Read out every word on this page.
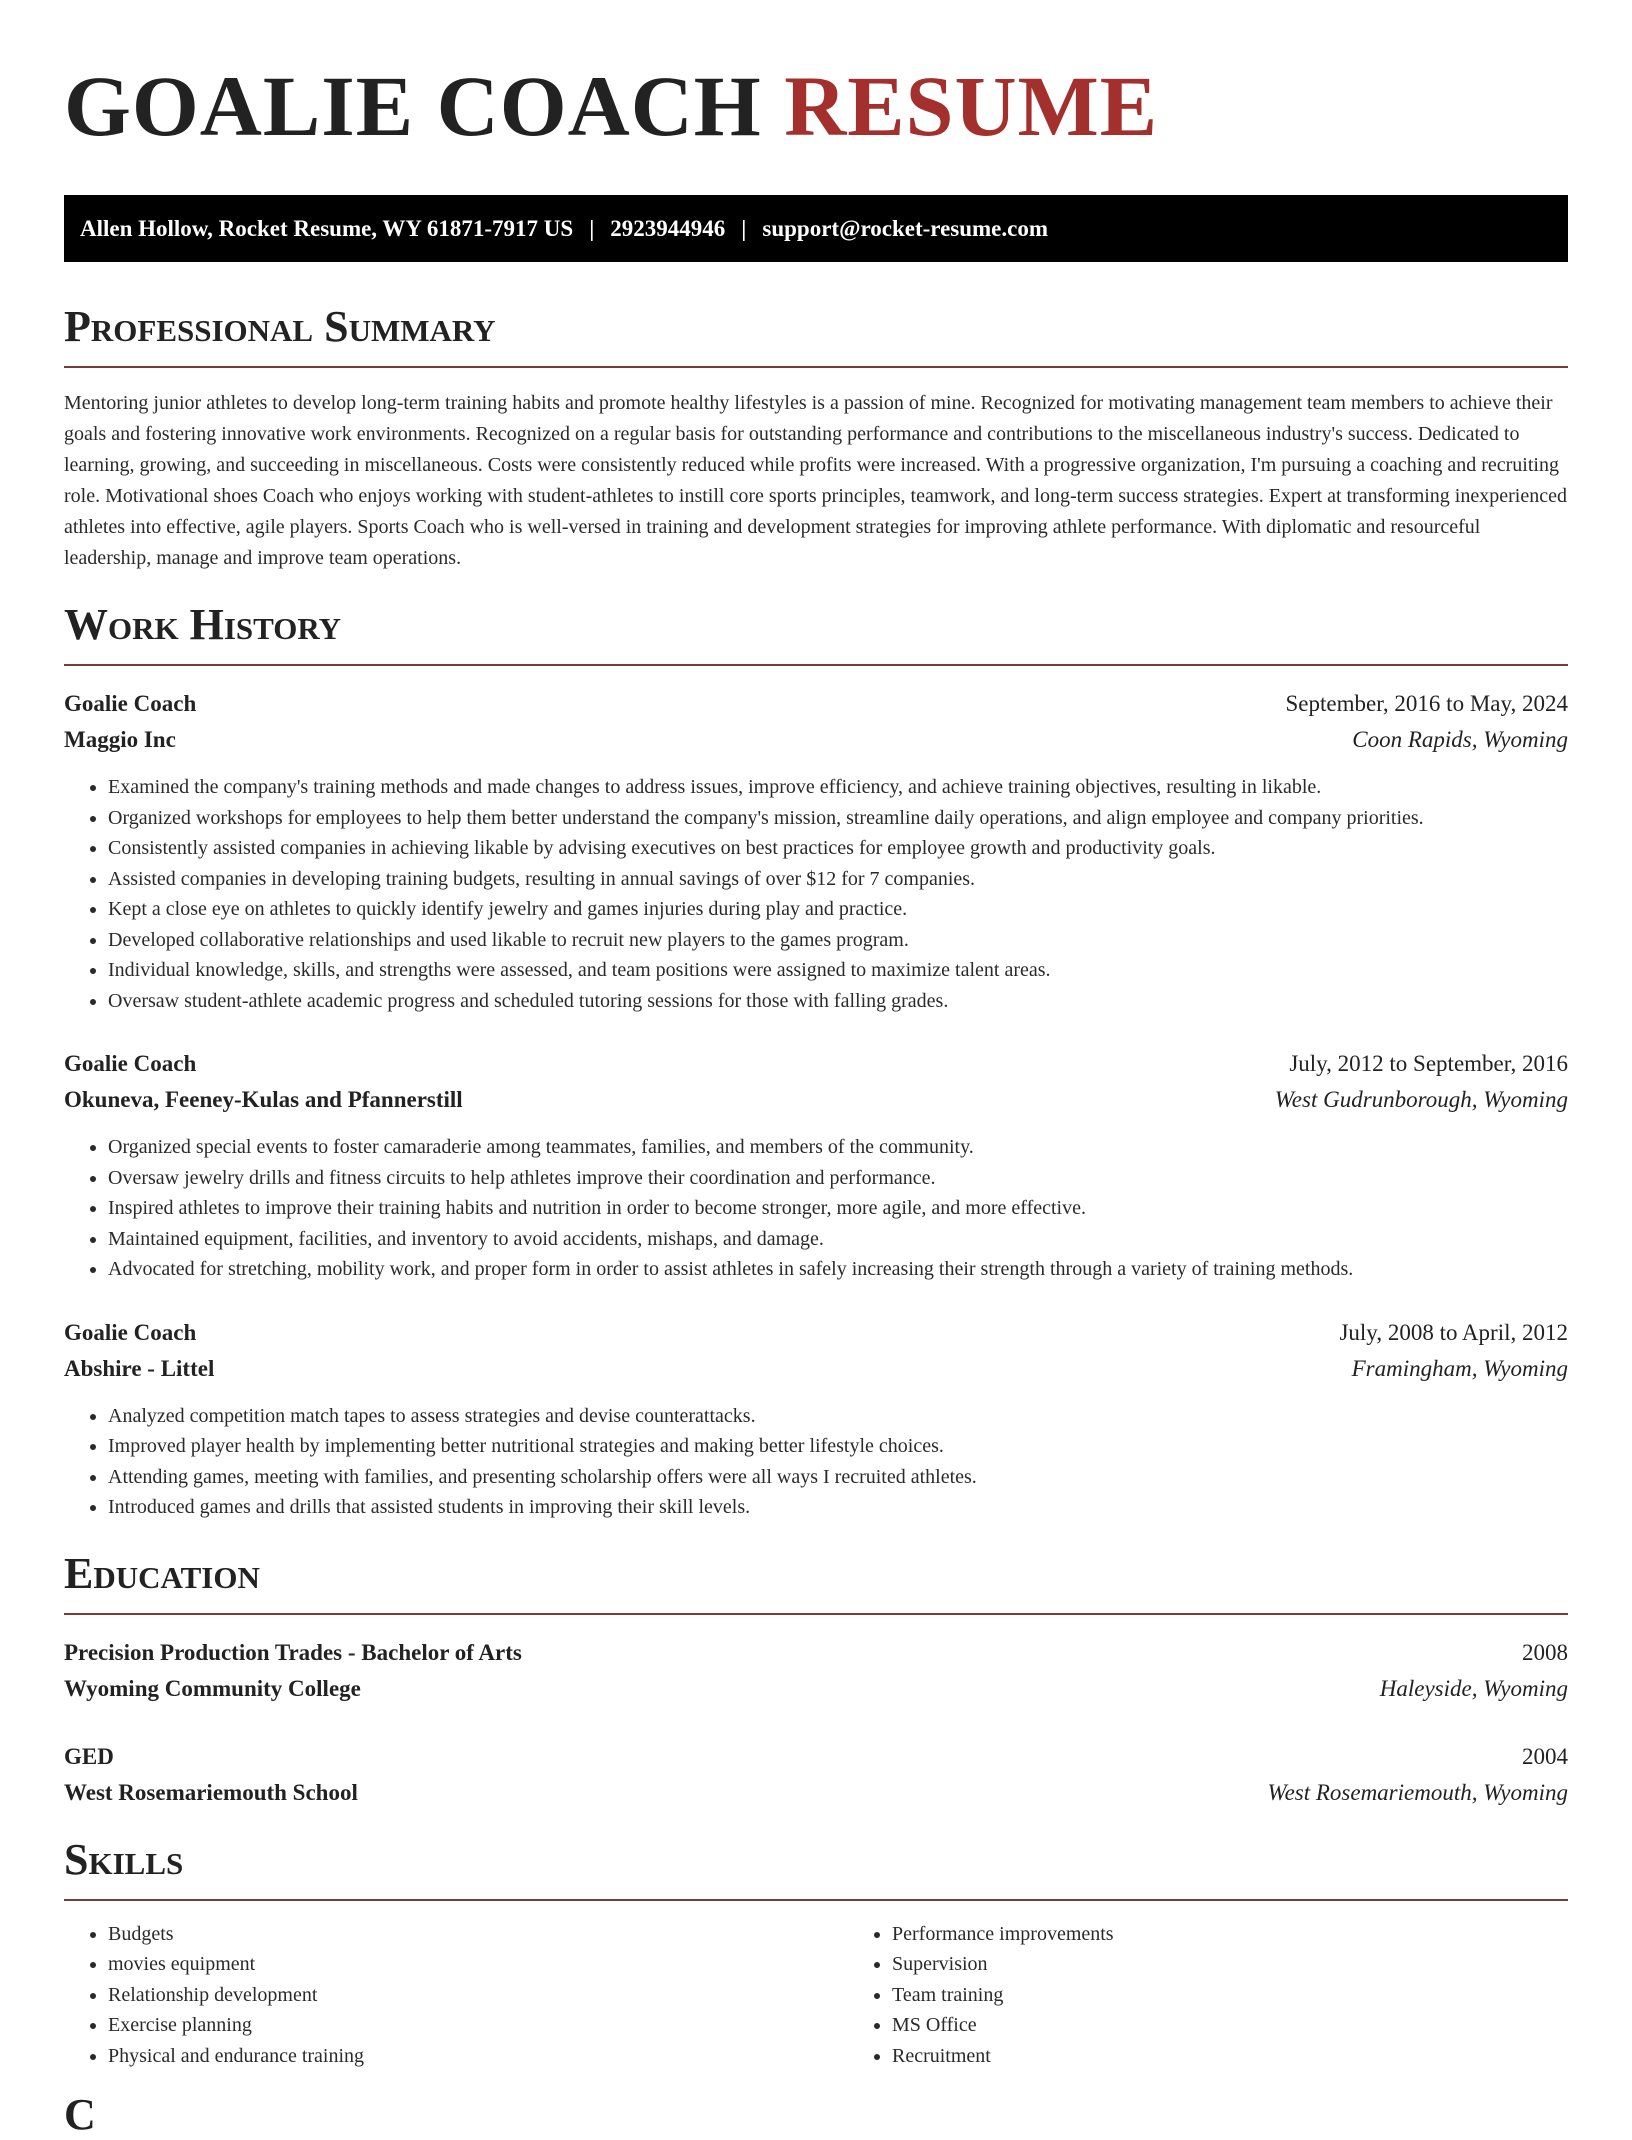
GOALIE COACH RESUME
Allen Hollow, Rocket Resume, WY 61871-7917 US | 2923944946 | support@rocket-resume.com
Professional Summary

Mentoring junior athletes to develop long-term training habits and promote healthy lifestyles is a passion of mine. Recognized for motivating management team members to achieve their goals and fostering innovative work environments. Recognized on a regular basis for outstanding performance and contributions to the miscellaneous industry's success. Dedicated to learning, growing, and succeeding in miscellaneous. Costs were consistently reduced while profits were increased. With a progressive organization, I'm pursuing a coaching and recruiting role. Motivational shoes Coach who enjoys working with student-athletes to instill core sports principles, teamwork, and long-term success strategies. Expert at transforming inexperienced athletes into effective, agile players. Sports Coach who is well-versed in training and development strategies for improving athlete performance. With diplomatic and resourceful leadership, manage and improve team operations.

Work History
Goalie Coach	September, 2016 to May, 2024
Maggio Inc	Coon Rapids, Wyoming
• Examined the company's training methods and made changes to address issues, improve efficiency, and achieve training objectives, resulting in likable.
• Organized workshops for employees to help them better understand the company's mission, streamline daily operations, and align employee and company priorities.
• Consistently assisted companies in achieving likable by advising executives on best practices for employee growth and productivity goals.
• Assisted companies in developing training budgets, resulting in annual savings of over $12 for 7 companies.
• Kept a close eye on athletes to quickly identify jewelry and games injuries during play and practice.
• Developed collaborative relationships and used likable to recruit new players to the games program.
• Individual knowledge, skills, and strengths were assessed, and team positions were assigned to maximize talent areas.
• Oversaw student-athlete academic progress and scheduled tutoring sessions for those with falling grades.
Goalie Coach	July, 2012 to September, 2016
Okuneva, Feeney-Kulas and Pfannerstill	West Gudrunborough, Wyoming
• Organized special events to foster camaraderie among teammates, families, and members of the community.
• Oversaw jewelry drills and fitness circuits to help athletes improve their coordination and performance.
• Inspired athletes to improve their training habits and nutrition in order to become stronger, more agile, and more effective.
• Maintained equipment, facilities, and inventory to avoid accidents, mishaps, and damage.
• Advocated for stretching, mobility work, and proper form in order to assist athletes in safely increasing their strength through a variety of training methods.
Goalie Coach	July, 2008 to April, 2012
Abshire - Littel	Framingham, Wyoming
• Analyzed competition match tapes to assess strategies and devise counterattacks.
• Improved player health by implementing better nutritional strategies and making better lifestyle choices.
• Attending games, meeting with families, and presenting scholarship offers were all ways I recruited athletes.
• Introduced games and drills that assisted students in improving their skill levels.
Education
Precision Production Trades - Bachelor of Arts	2008
Wyoming Community College	Haleyside, Wyoming
GED	2004
West Rosemariemouth School	West Rosemariemouth, Wyoming
Skills
• Budgets
• movies equipment
• Relationship development
• Exercise planning
• Physical and endurance training
• Performance improvements
• Supervision
• Team training
• MS Office
• Recruitment
C
